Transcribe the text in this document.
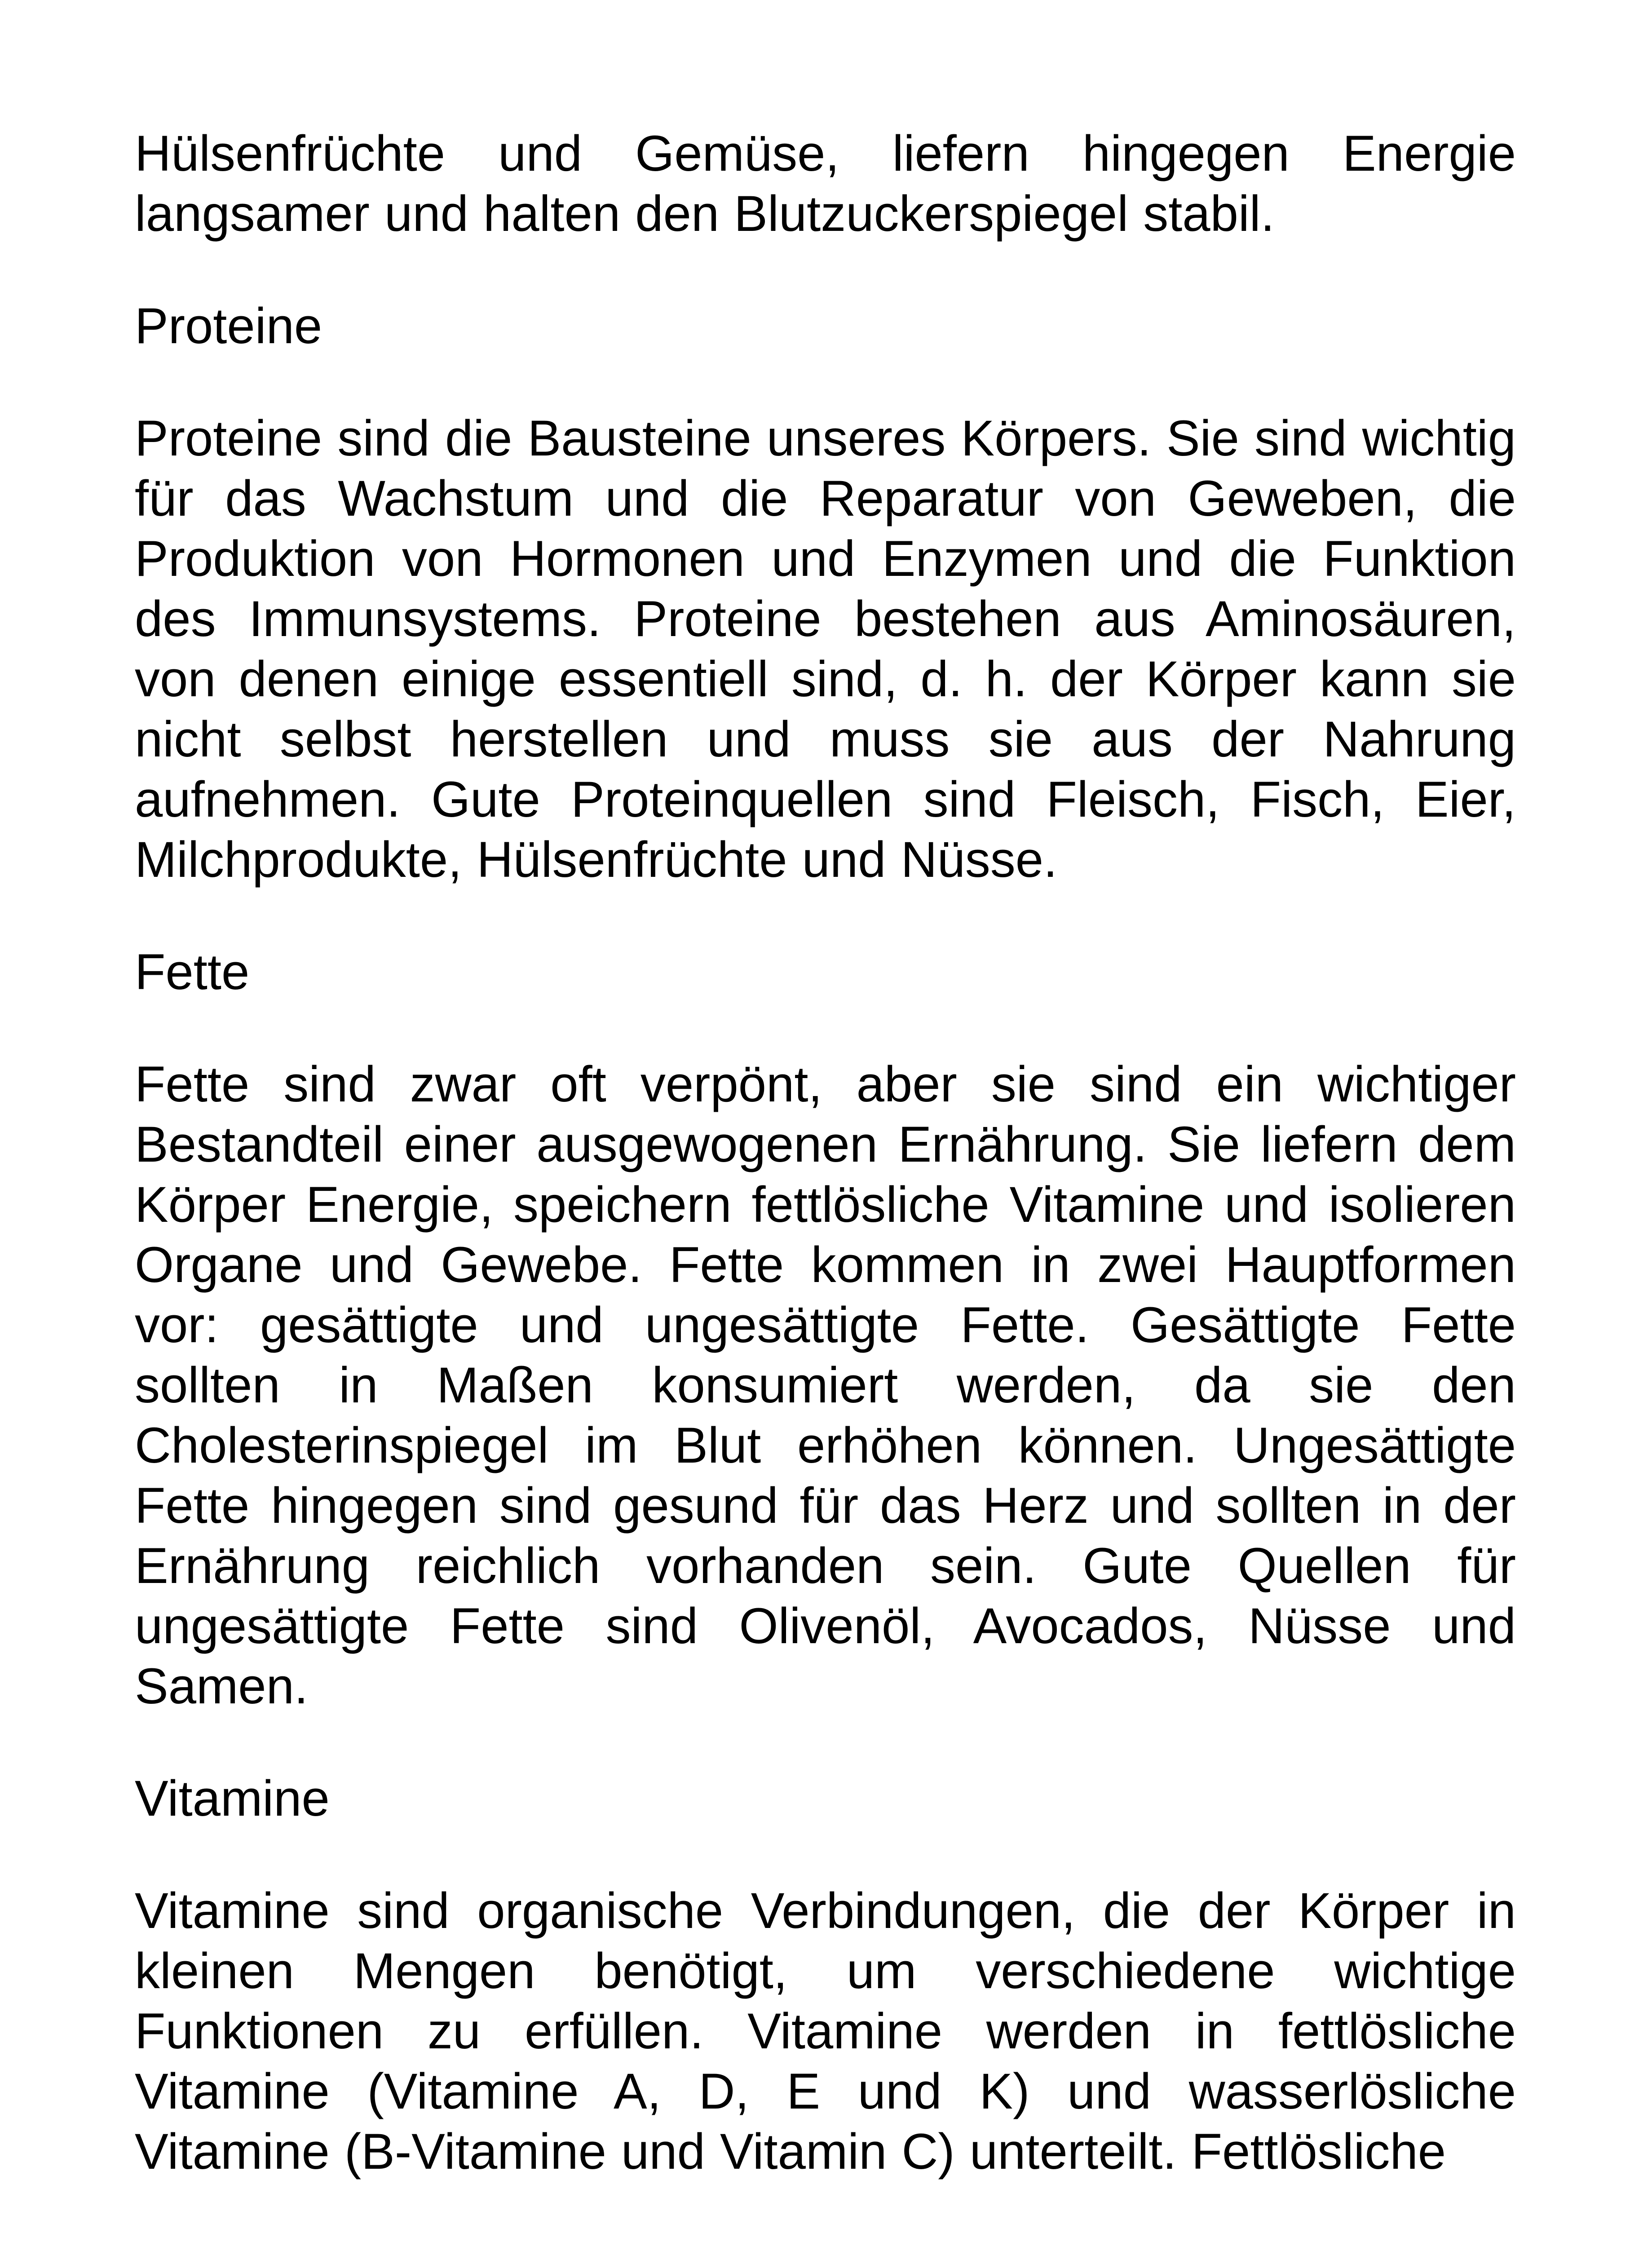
Hülsenfrüchte und Gemüse, liefern hingegen Energie langsamer und halten den Blutzuckerspiegel stabil.

Proteine

Proteine sind die Bausteine unseres Körpers. Sie sind wichtig für das Wachstum und die Reparatur von Geweben, die Produktion von Hormonen und Enzymen und die Funktion des Immunsystems. Proteine bestehen aus Aminosäuren, von denen einige essentiell sind, d. h. der Körper kann sie nicht selbst herstellen und muss sie aus der Nahrung aufnehmen. Gute Proteinquellen sind Fleisch, Fisch, Eier, Milchprodukte, Hülsenfrüchte und Nüsse.

Fette

Fette sind zwar oft verpönt, aber sie sind ein wichtiger Bestandteil einer ausgewogenen Ernährung. Sie liefern dem Körper Energie, speichern fettlösliche Vitamine und isolieren Organe und Gewebe. Fette kommen in zwei Hauptformen vor: gesättigte und ungesättigte Fette. Gesättigte Fette sollten in Maßen konsumiert werden, da sie den Cholesterinspiegel im Blut erhöhen können. Ungesättigte Fette hingegen sind gesund für das Herz und sollten in der Ernährung reichlich vorhanden sein. Gute Quellen für ungesättigte Fette sind Olivenöl, Avocados, Nüsse und Samen.

Vitamine

Vitamine sind organische Verbindungen, die der Körper in kleinen Mengen benötigt, um verschiedene wichtige Funktionen zu erfüllen. Vitamine werden in fettlösliche Vitamine (Vitamine A, D, E und K) und wasserlösliche Vitamine (B-Vitamine und Vitamin C) unterteilt. Fettlösliche
